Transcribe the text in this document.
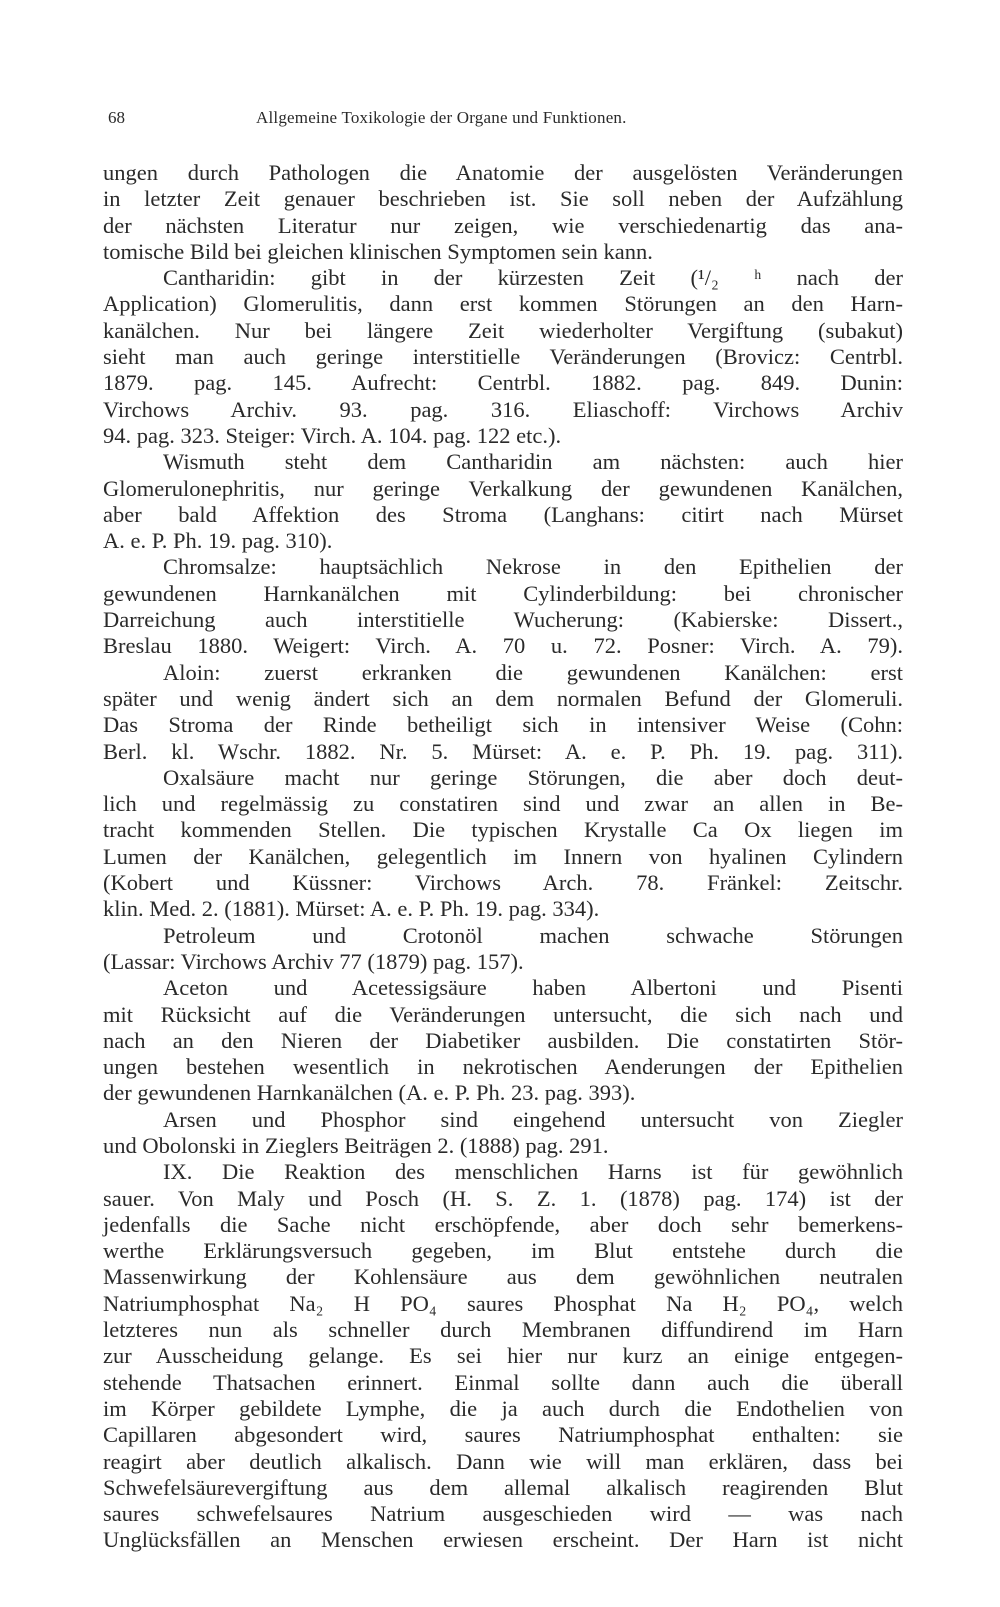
68	Allgemeine Toxikologie der Organe und Funktionen.
ungen durch Pathologen die Anatomie der ausgelösten Veränderungen
in letzter Zeit genauer beschrieben ist. Sie soll neben der Aufzählung
der nächsten Literatur nur zeigen, wie verschiedenartig das ana-
tomische Bild bei gleichen klinischen Symptomen sein kann.
Cantharidin: gibt in der kürzesten Zeit (¹/₂ ʰ nach der
Application) Glomerulitis, dann erst kommen Störungen an den Harn-
kanälchen. Nur bei längere Zeit wiederholter Vergiftung (subakut)
sieht man auch geringe interstitielle Veränderungen (Brovicz: Centrbl.
1879. pag. 145. Aufrecht: Centrbl. 1882. pag. 849. Dunin:
Virchows Archiv. 93. pag. 316. Eliaschoff: Virchows Archiv
94. pag. 323. Steiger: Virch. A. 104. pag. 122 etc.).
Wismuth steht dem Cantharidin am nächsten: auch hier
Glomerulonephritis, nur geringe Verkalkung der gewundenen Kanälchen,
aber bald Affektion des Stroma (Langhans: citirt nach Mürset
A. e. P. Ph. 19. pag. 310).
Chromsalze: hauptsächlich Nekrose in den Epithelien der
gewundenen Harnkanälchen mit Cylinderbildung: bei chronischer
Darreichung auch interstitielle Wucherung: (Kabierske: Dissert.,
Breslau 1880. Weigert: Virch. A. 70 u. 72. Posner: Virch. A. 79).
Aloin: zuerst erkranken die gewundenen Kanälchen: erst
später und wenig ändert sich an dem normalen Befund der Glomeruli.
Das Stroma der Rinde betheiligt sich in intensiver Weise (Cohn:
Berl. kl. Wschr. 1882. Nr. 5. Mürset: A. e. P. Ph. 19. pag. 311).
Oxalsäure macht nur geringe Störungen, die aber doch deut-
lich und regelmässig zu constatiren sind und zwar an allen in Be-
tracht kommenden Stellen. Die typischen Krystalle Ca Ox liegen im
Lumen der Kanälchen, gelegentlich im Innern von hyalinen Cylindern
(Kobert und Küssner: Virchows Arch. 78. Fränkel: Zeitschr.
klin. Med. 2. (1881). Mürset: A. e. P. Ph. 19. pag. 334).
Petroleum und Crotonöl machen schwache Störungen
(Lassar: Virchows Archiv 77 (1879) pag. 157).
Aceton und Acetessigsäure haben Albertoni und Pisenti
mit Rücksicht auf die Veränderungen untersucht, die sich nach und
nach an den Nieren der Diabetiker ausbilden. Die constatirten Stör-
ungen bestehen wesentlich in nekrotischen Aenderungen der Epithelien
der gewundenen Harnkanälchen (A. e. P. Ph. 23. pag. 393).
Arsen und Phosphor sind eingehend untersucht von Ziegler
und Obolonski in Zieglers Beiträgen 2. (1888) pag. 291.
IX. Die Reaktion des menschlichen Harns ist für gewöhnlich
sauer. Von Maly und Posch (H. S. Z. 1. (1878) pag. 174) ist der
jedenfalls die Sache nicht erschöpfende, aber doch sehr bemerkens-
werthe Erklärungsversuch gegeben, im Blut entstehe durch die
Massenwirkung der Kohlensäure aus dem gewöhnlichen neutralen
Natriumphosphat Na₂ H PO₄ saures Phosphat Na H₂ PO₄, welch
letzteres nun als schneller durch Membranen diffundirend im Harn
zur Ausscheidung gelange. Es sei hier nur kurz an einige entgegen-
stehende Thatsachen erinnert. Einmal sollte dann auch die überall
im Körper gebildete Lymphe, die ja auch durch die Endothelien von
Capillaren abgesondert wird, saures Natriumphosphat enthalten: sie
reagirt aber deutlich alkalisch. Dann wie will man erklären, dass bei
Schwefelsäurevergiftung aus dem allemal alkalisch reagirenden Blut
saures schwefelsaures Natrium ausgeschieden wird — was nach
Unglücksfällen an Menschen erwiesen erscheint. Der Harn ist nicht
